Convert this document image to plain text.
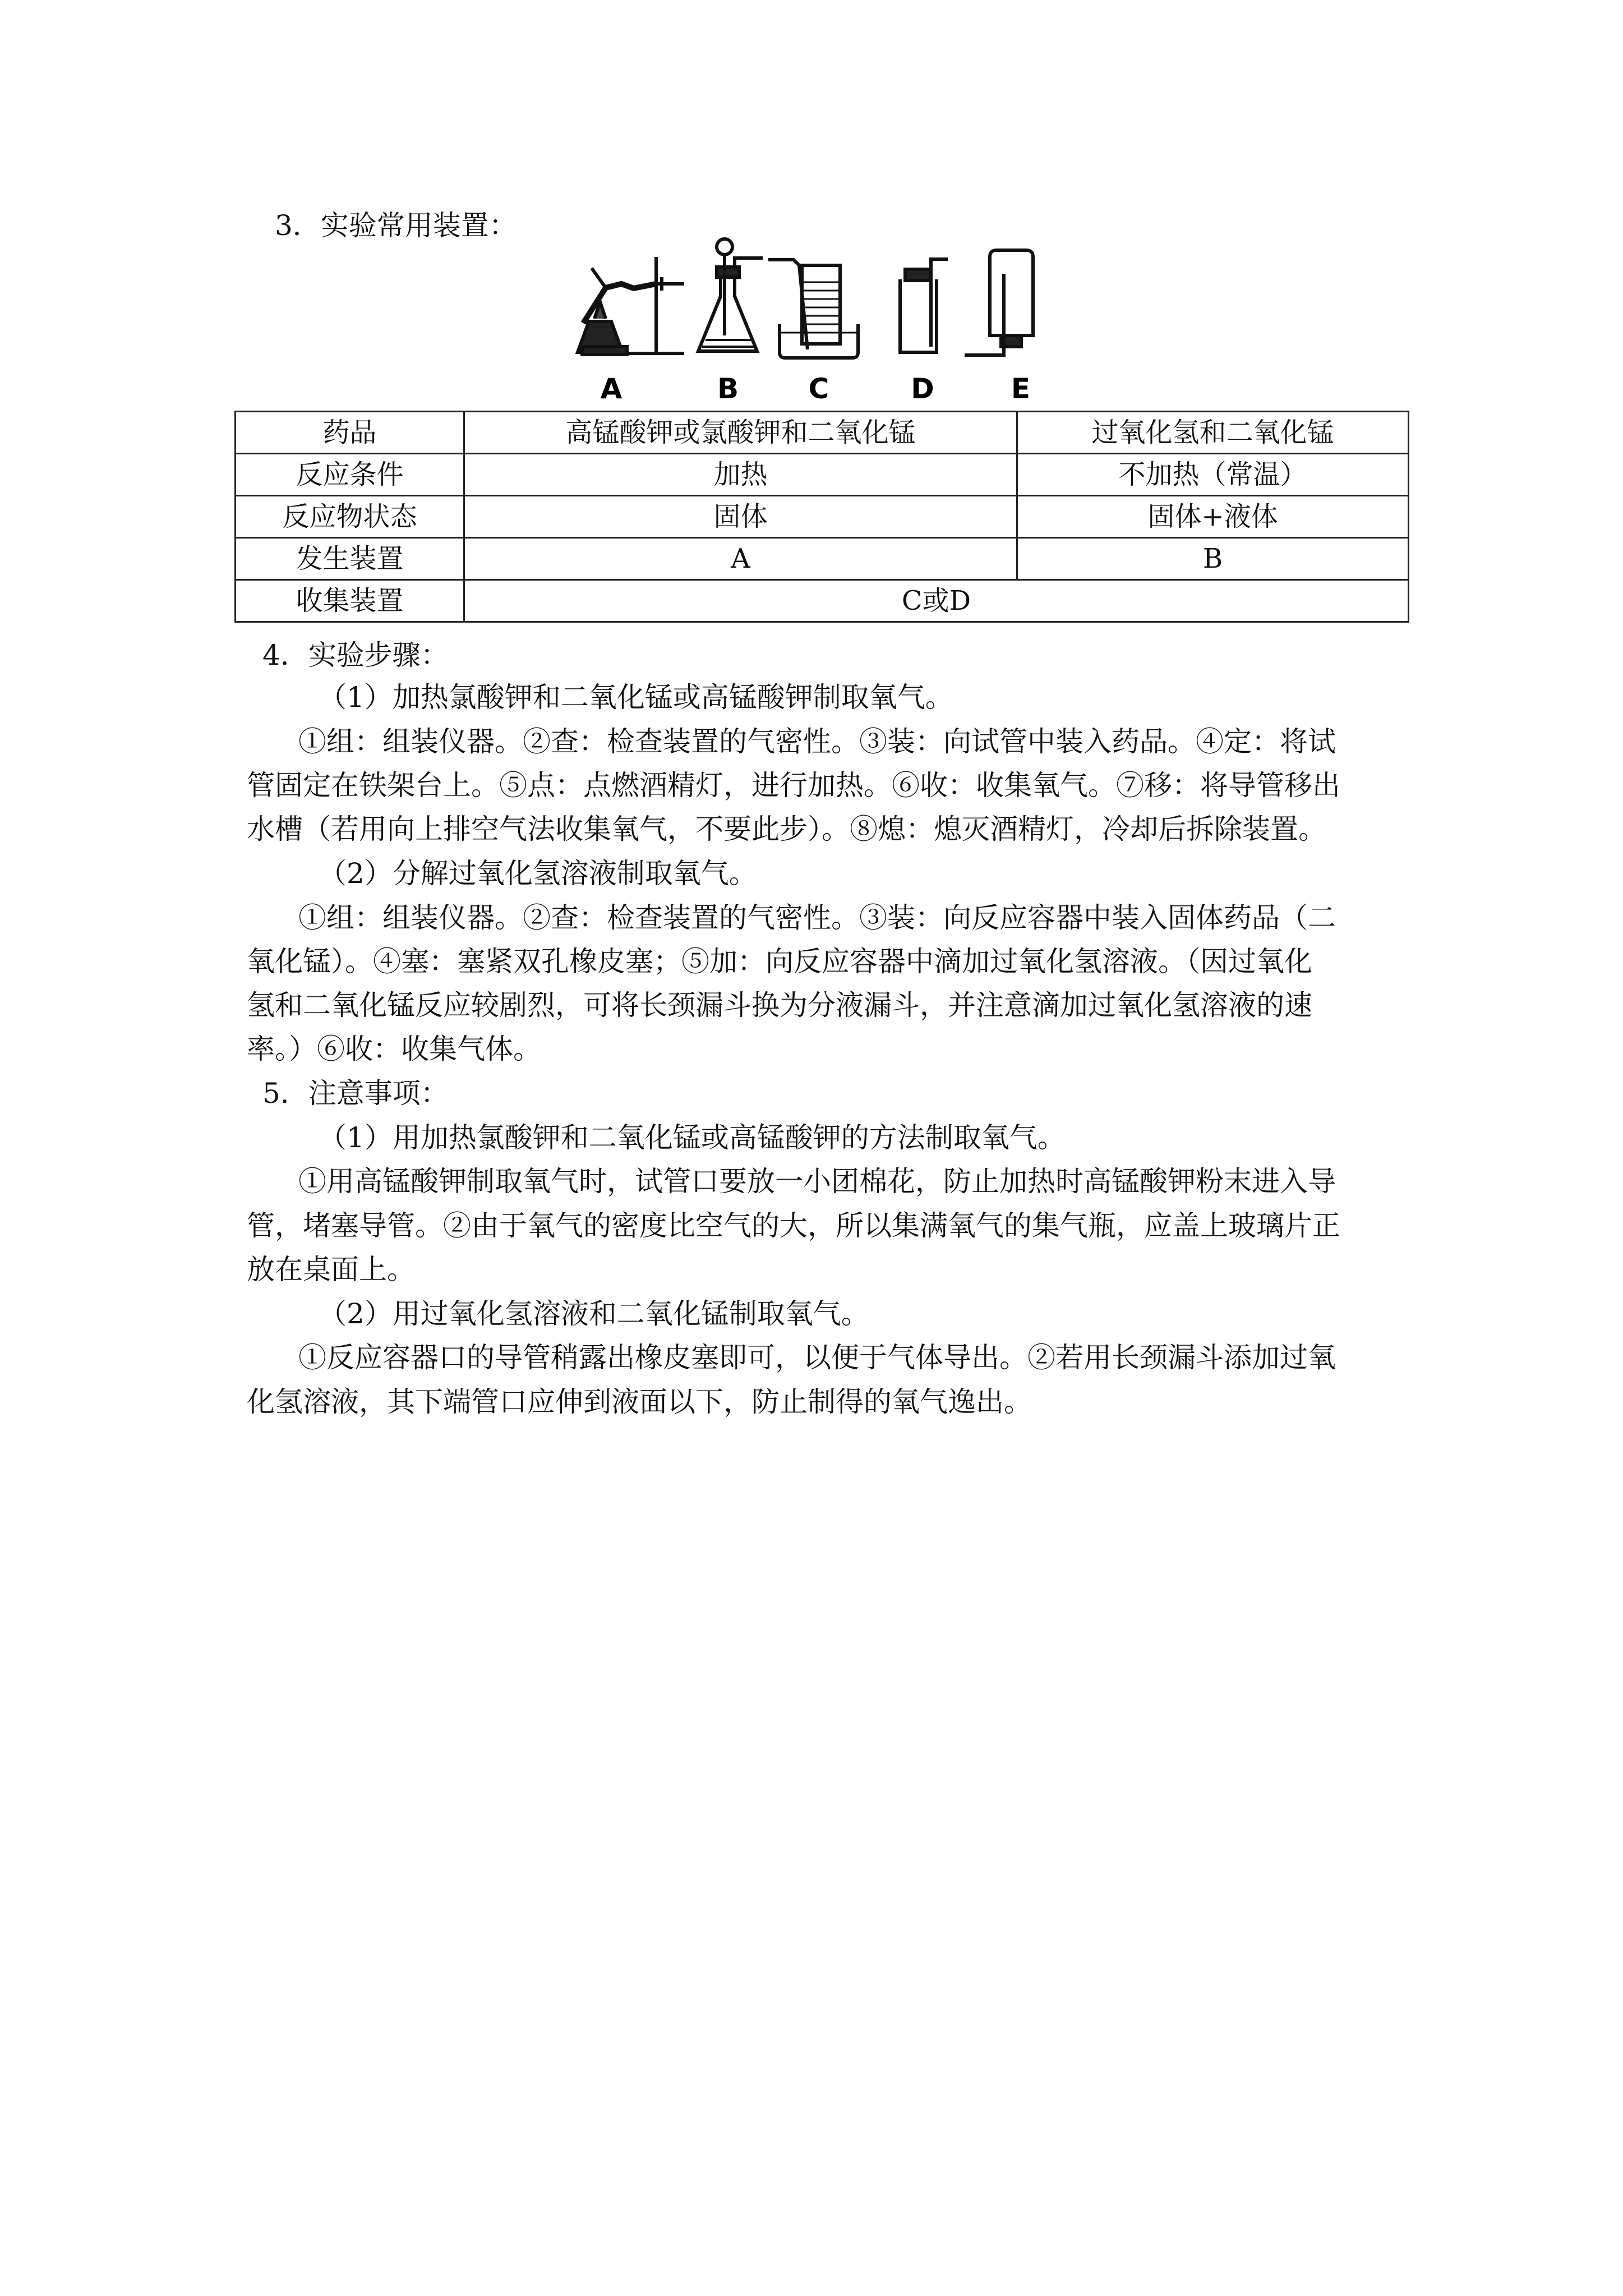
3．实验常用装置：
A	B C	D	E
药品	高锰酸钾或氯酸钾和二氧化锰	过氧化氢和二氧化锰
反应条件	加热	不加热（常温）
反应物状态	固体	固体+液体
发生装置	A	B
收集装置	C或D	
4．实验步骤：
（1）加热氯酸钾和二氧化锰或高锰酸钾制取氧气。
①组：组装仪器。②查：检查装置的气密性。③装：向试管中装入药品。④定：将试
管固定在铁架台上。⑤点：点燃酒精灯，进行加热。⑥收：收集氧气。⑦移：将导管移出
水槽（若用向上排空气法收集氧气，不要此步）。⑧熄：熄灭酒精灯，冷却后拆除装置。
（2）分解过氧化氢溶液制取氧气。
①组：组装仪器。②查：检查装置的气密性。③装：向反应容器中装入固体药品（二
氧化锰）。④塞：塞紧双孔橡皮塞；⑤加：向反应容器中滴加过氧化氢溶液。（因过氧化
氢和二氧化锰反应较剧烈，可将长颈漏斗换为分液漏斗，并注意滴加过氧化氢溶液的速
率。）⑥收：收集气体。
5．注意事项：
（1）用加热氯酸钾和二氧化锰或高锰酸钾的方法制取氧气。
①用高锰酸钾制取氧气时，试管口要放一小团棉花，防止加热时高锰酸钾粉末进入导
管，堵塞导管。②由于氧气的密度比空气的大，所以集满氧气的集气瓶，应盖上玻璃片正
放在桌面上。
（2）用过氧化氢溶液和二氧化锰制取氧气。
①反应容器口的导管稍露出橡皮塞即可，以便于气体导出。②若用长颈漏斗添加过氧
化氢溶液，其下端管口应伸到液面以下，防止制得的氧气逸出。
